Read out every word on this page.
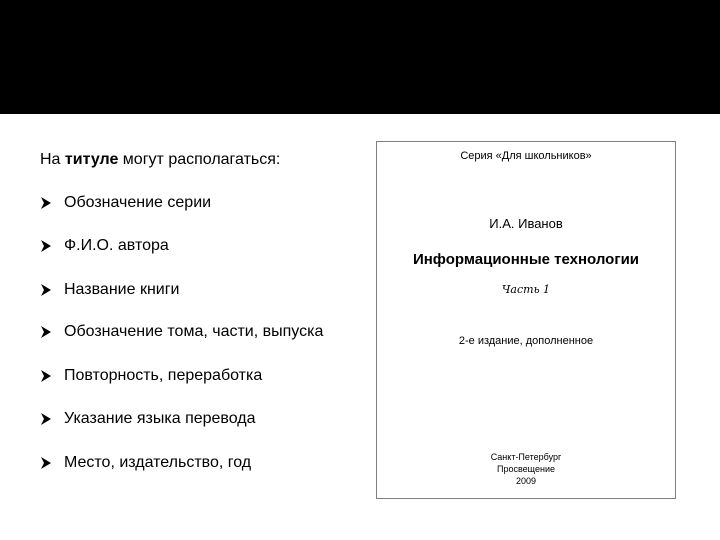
На титуле могут располагаться:
Обозначение серии
Ф.И.О. автора
Название книги
Обозначение тома, части, выпуска
Повторность, переработка
Указание языка перевода
Место, издательство, год
Серия «Для школьников»
И.А. Иванов
Информационные технологии
Часть 1
2-е издание, дополненное
Санкт-Петербург
Просвещение
2009
